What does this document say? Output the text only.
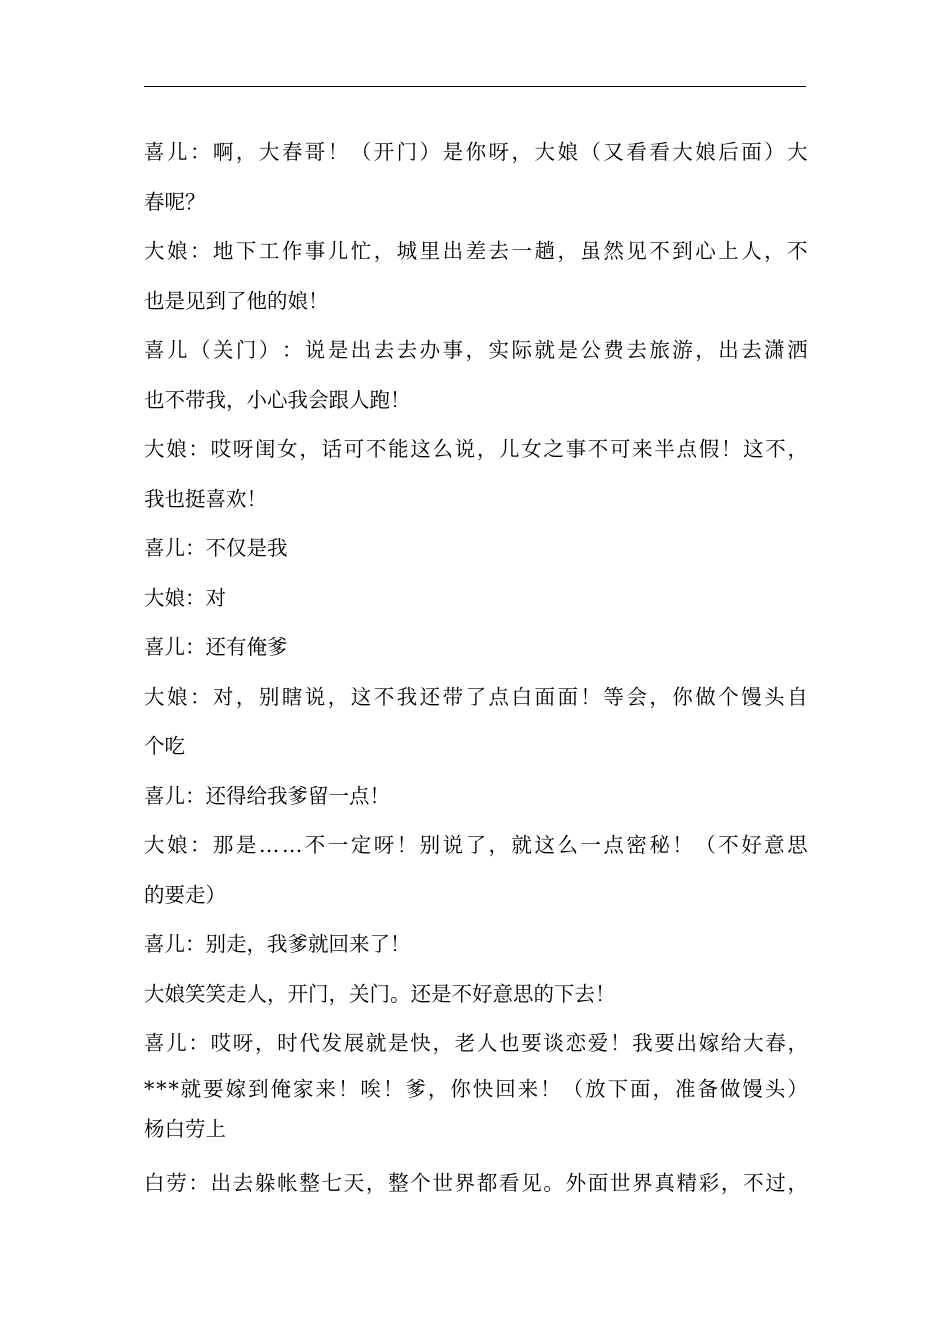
喜 儿 ： 啊 ， 大 春 哥 ！ （ 开 门 ） 是 你 呀 ， 大 娘 （ 又 看 看 大 娘 后 面 ） 大
春呢？
大 娘 ： 地 下 工 作 事 儿 忙 ， 城 里 出 差 去 一 趟 ， 虽 然 见 不 到 心 上 人 ， 不
也是见到了他的娘！
喜 儿 （ 关 门 ） ： 说 是 出 去 去 办 事 ， 实 际 就 是 公 费 去 旅 游 ， 出 去 潇 洒
也不带我，小心我会跟人跑！
大 娘 ： 哎 呀 闺 女 ， 话 可 不 能 这 么 说 ， 儿 女 之 事 不 可 来 半 点 假 ！ 这 不 ，
我也挺喜欢！
喜儿：不仅是我
大娘：对
喜儿：还有俺爹
大 娘 ： 对 ， 别 瞎 说 ， 这 不 我 还 带 了 点 白 面 面 ！ 等 会 ， 你 做 个 馒 头 自
个吃
喜儿：还得给我爹留一点！
大 娘 ： 那 是 … … 不 一 定 呀 ！ 别 说 了 ， 就 这 么 一 点 密 秘 ！ （ 不 好 意 思
的要走）
喜儿：别走，我爹就回来了！
大娘笑笑走人，开门，关门。还是不好意思的下去！
喜 儿 ： 哎 呀 ， 时 代 发 展 就 是 快 ， 老 人 也 要 谈 恋 爱 ！ 我 要 出 嫁 给 大 春 ，
* * * 就 要 嫁 到 俺 家 来 ！ 唉 ！ 爹 ， 你 快 回 来 ！ （ 放 下 面 ， 准 备 做 馒 头 ）
杨白劳上
白 劳 ： 出 去 躲 帐 整 七 天 ， 整 个 世 界 都 看 见 。 外 面 世 界 真 精 彩 ， 不 过 ，
